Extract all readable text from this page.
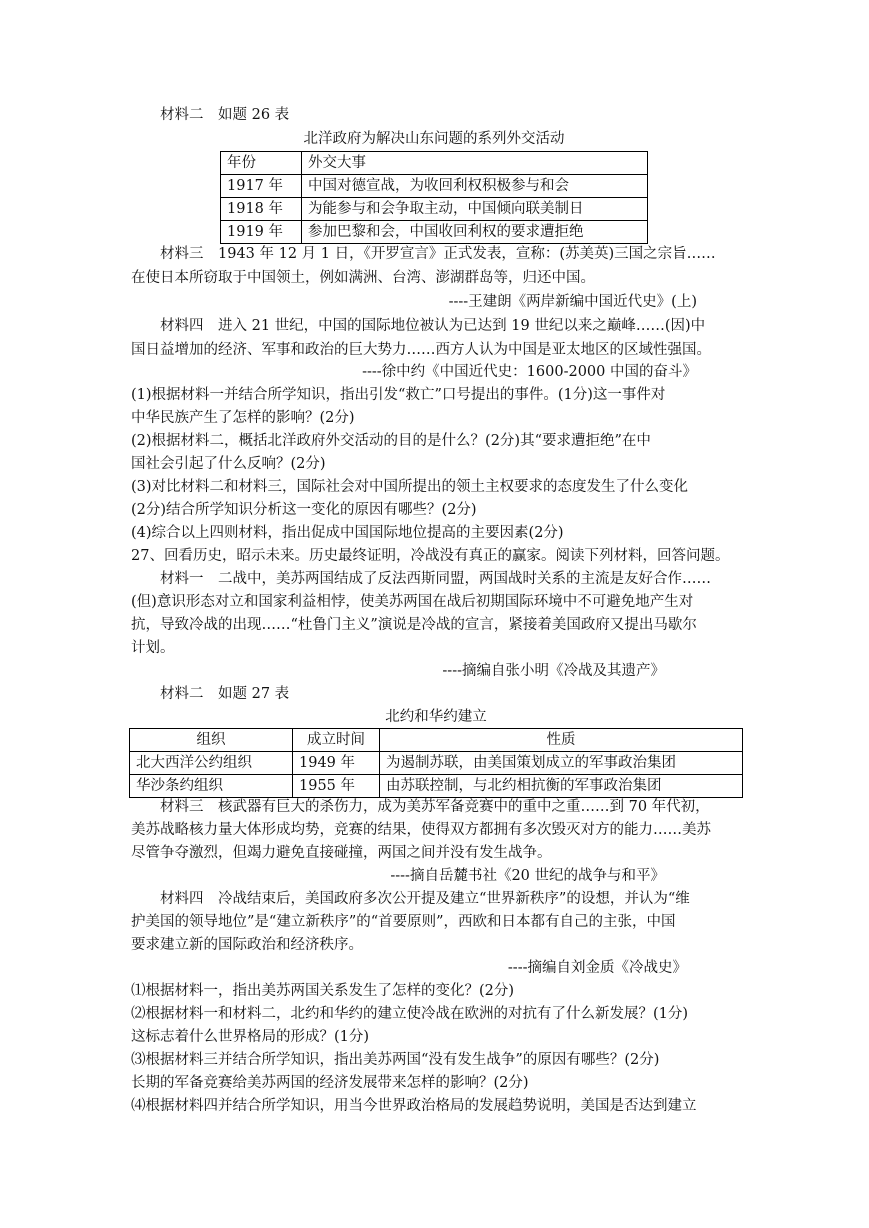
材料二　如题 26 表
北洋政府为解决山东问题的系列外交活动
年份	外交大事
1917 年	中国对德宣战，为收回利权积极参与和会
1918 年	为能参与和会争取主动，中国倾向联美制日
1919 年	参加巴黎和会，中国收回利权的要求遭拒绝
材料三　1943 年 12 月 1 日，《开罗宣言》正式发表，宣称：(苏美英)三国之宗旨……
在使日本所窃取于中国领土，例如满洲、台湾、澎湖群岛等，归还中国。
----王建朗《两岸新编中国近代史》(上)
材料四　进入 21 世纪，中国的国际地位被认为已达到 19 世纪以来之巅峰……(因)中
国日益增加的经济、军事和政治的巨大势力……西方人认为中国是亚太地区的区域性强国。
----徐中约《中国近代史：1600-2000 中国的奋斗》
(1)根据材料一并结合所学知识，指出引发“救亡”口号提出的事件。(1分)这一事件对
中华民族产生了怎样的影响？(2分)
(2)根据材料二，概括北洋政府外交活动的目的是什么？(2分)其“要求遭拒绝”在中
国社会引起了什么反响？(2分)
(3)对比材料二和材料三，国际社会对中国所提出的领土主权要求的态度发生了什么变化
(2分)结合所学知识分析这一变化的原因有哪些？(2分)
(4)综合以上四则材料，指出促成中国国际地位提高的主要因素(2分)
27、回看历史，昭示未来。历史最终证明，冷战没有真正的赢家。阅读下列材料，回答问题。
材料一　二战中，美苏两国结成了反法西斯同盟，两国战时关系的主流是友好合作……
(但)意识形态对立和国家利益相悖，使美苏两国在战后初期国际环境中不可避免地产生对
抗，导致冷战的出现……“杜鲁门主义”演说是冷战的宣言，紧接着美国政府又提出马歇尔
计划。
----摘编自张小明《冷战及其遗产》
材料二　如题 27 表
北约和华约建立
组织	成立时间	性质
北大西洋公约组织	1949 年	为遏制苏联，由美国策划成立的军事政治集团
华沙条约组织	1955 年	由苏联控制，与北约相抗衡的军事政治集团
材料三　核武器有巨大的杀伤力，成为美苏军备竞赛中的重中之重……到 70 年代初，
美苏战略核力量大体形成均势，竞赛的结果，使得双方都拥有多次毁灭对方的能力……美苏
尽管争夺激烈，但竭力避免直接碰撞，两国之间并没有发生战争。
----摘自岳麓书社《20 世纪的战争与和平》
材料四　冷战结束后，美国政府多次公开提及建立“世界新秩序”的设想，并认为“维
护美国的领导地位”是“建立新秩序”的“首要原则”，西欧和日本都有自己的主张，中国
要求建立新的国际政治和经济秩序。
----摘编自刘金质《冷战史》
⑴根据材料一，指出美苏两国关系发生了怎样的变化？(2分)
⑵根据材料一和材料二，北约和华约的建立使冷战在欧洲的对抗有了什么新发展？(1分)
这标志着什么世界格局的形成？(1分)
⑶根据材料三并结合所学知识，指出美苏两国“没有发生战争”的原因有哪些？(2分)
长期的军备竞赛给美苏两国的经济发展带来怎样的影响？(2分)
⑷根据材料四并结合所学知识，用当今世界政治格局的发展趋势说明，美国是否达到建立
